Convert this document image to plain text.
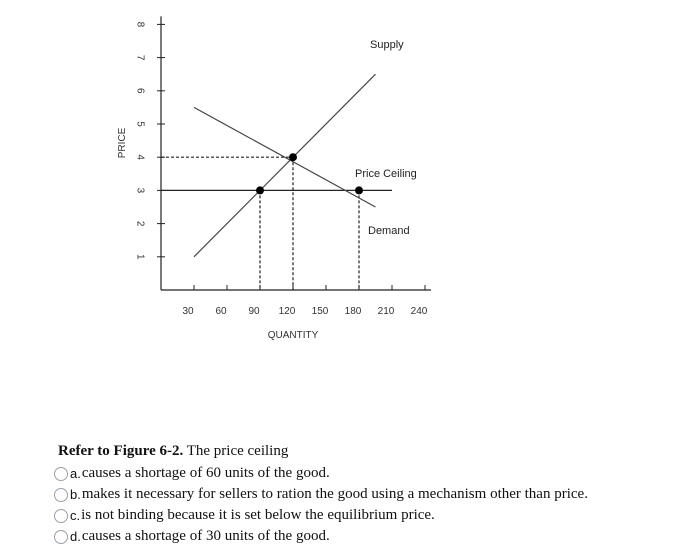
1
2
3
4
5
6
7
8
30 60 90 120 150 180 210 240
PRICE
QUANTITY
Supply
Price Ceiling
Demand
Refer to Figure 6-2. The price ceiling
a. causes a shortage of 60 units of the good.
b. makes it necessary for sellers to ration the good using a mechanism other than price.
c. is not binding because it is set below the equilibrium price.
d. causes a shortage of 30 units of the good.
